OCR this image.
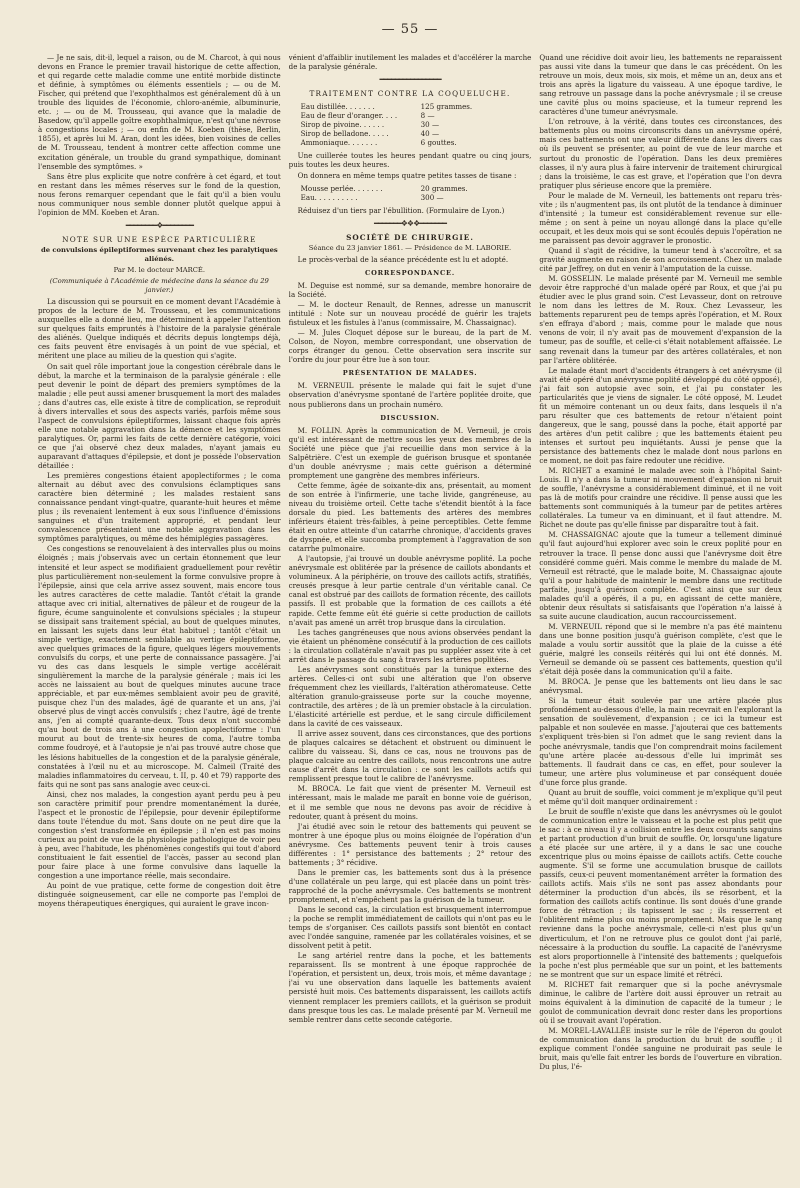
— 55 —

— Je ne sais, dit-il, lequel a raison, ou de M. Charcot, à qui nous devons en France le premier travail historique de cette affection, et qui regarde cette maladie comme une entité morbide distincte et définie, à symptômes ou éléments essentiels ; — ou de M. Fischer, qui prétend que l'exophthalmos est généralement dû à un trouble des liquides de l'économie, chloro-anémie, albuminurie, etc. ; — ou de M. Trousseau, qui avance que la maladie de Basedow, qu'il appelle goître exophthalmique, n'est qu'une névrose à congestions locales ; — ou enfin de M. Koeben (thèse, Berlin, 1855), et après lui M. Aran, dont les idées, bien voisines de celles de M. Trousseau, tendent à montrer cette affection comme une excitation générale, un trouble du grand sympathique, dominant l'ensemble des symptômes. »

Sans être plus explicite que notre confrère à cet égard, et tout en restant dans les mêmes réserves sur le fond de la question, nous ferons remarquer cependant que le fait qu'il a bien voulu nous communiquer nous semble donner plutôt quelque appui à l'opinion de MM. Koeben et Aran.

━━━━━━━━❖━━━━━━━━
NOTE SUR UNE ESPÈCE PARTICULIÈRE
de convulsions épileptiformes survenant chez les paralytiques aliénés.
Par M. le docteur MARCÉ.
(Communiquée à l'Académie de médecine dans la séance du 29 janvier.)

La discussion qui se poursuit en ce moment devant l'Académie à propos de la lecture de M. Trousseau, et les communications auxquelles elle a donné lieu, me déterminent à appeler l'attention sur quelques faits empruntés à l'histoire de la paralysie générale des aliénés. Quelque indiqués et décrits depuis longtemps déjà, ces faits peuvent être envisagés à un point de vue spécial, et méritent une place au milieu de la question qui s'agite.

On sait quel rôle important joue la congestion cérébrale dans le début, la marche et la terminaison de la paralysie générale : elle peut devenir le point de départ des premiers symptômes de la maladie ; elle peut aussi amener brusquement la mort des malades ; dans d'autres cas, elle existe à titre de complication, se reproduit à divers intervalles et sous des aspects variés, parfois même sous l'aspect de convulsions épileptiformes, laissant chaque fois après elle une notable aggravation dans la démence et les symptômes paralytiques. Or, parmi les faits de cette dernière catégorie, voici ce que j'ai observé chez deux malades, n'ayant jamais eu auparavant d'attaques d'épilepsie, et dont je possède l'observation détaillée :

Les premières congestions étaient apoplectiformes ; le coma alternait au début avec des convulsions éclamptiques sans caractère bien déterminé ; les malades restaient sans connaissance pendant vingt-quatre, quarante-huit heures et même plus ; ils revenaient lentement à eux sous l'influence d'émissions sanguines et d'un traitement approprié, et pendant leur convalescence présentaient une notable aggravation dans les symptômes paralytiques, ou même des hémiplégies passagères.

Ces congestions se renouvelaient à des intervalles plus ou moins éloignés ; mais j'observais avec un certain étonnement que leur intensité et leur aspect se modifiaient graduellement pour revêtir plus particulièrement non-seulement la forme convulsive propre à l'épilepsie, ainsi que cela arrive assez souvent, mais encore tous les autres caractères de cette maladie. Tantôt c'était la grande attaque avec cri initial, alternatives de pâleur et de rougeur de la figure, écume sanguinolente et convulsions spéciales ; la stupeur se dissipait sans traitement spécial, au bout de quelques minutes, en laissant les sujets dans leur état habituel ; tantôt c'était un simple vertige, exactement semblable au vertige épileptiforme, avec quelques grimaces de la figure, quelques légers mouvements convulsifs du corps, et une perte de connaissance passagère. J'ai vu des cas dans lesquels le simple vertige accélérait singulièrement la marche de la paralysie générale ; mais ici les accès ne laissaient au bout de quelques minutes aucune trace appréciable, et par eux-mêmes semblaient avoir peu de gravité, puisque chez l'un des malades, âgé de quarante et un ans, j'ai observé plus de vingt accès convulsifs ; chez l'autre, âgé de trente ans, j'en ai compté quarante-deux. Tous deux n'ont succombé qu'au bout de trois ans à une congestion apoplectiforme : l'un mourut au bout de trente-six heures de coma, l'autre tomba comme foudroyé, et à l'autopsie je n'ai pas trouvé autre chose que les lésions habituelles de la congestion et de la paralysie générale, constatées à l'œil nu et au microscope. M. Calmeil (Traité des maladies inflammatoires du cerveau, t. II, p. 40 et 79) rapporte des faits qui ne sont pas sans analogie avec ceux-ci.

Ainsi, chez nos malades, la congestion ayant perdu peu à peu son caractère primitif pour prendre momentanément la durée, l'aspect et le pronostic de l'épilepsie, pour devenir épileptiforme dans toute l'étendue du mot. Sans doute on ne peut dire que la congestion s'est transformée en épilepsie ; il n'en est pas moins curieux au point de vue de la physiologie pathologique de voir peu à peu, avec l'habitude, les phénomènes congestifs qui tout d'abord constituaient le fait essentiel de l'accès, passer au second plan pour faire place à une forme convulsive dans laquelle la congestion a une importance réelle, mais secondaire.

Au point de vue pratique, cette forme de congestion doit être distinguée soigneusement, car elle ne comporte pas l'emploi de moyens thérapeutiques énergiques, qui auraient le grave incon-

vénient d'affaiblir inutilement les malades et d'accélérer la marche de la paralysie générale.

━━━━━━━━━━━━━━━━
TRAITEMENT CONTRE LA COQUELUCHE.
Eau distillée. . . . . . .	125 grammes.
Eau de fleur d'oranger. . . .	8 —
Sirop de pivoine. . . . . .	30 —
Sirop de belladone. . . . .	40 —
Ammoniaque. . . . . . .	6 gouttes.

Une cuillerée toutes les heures pendant quatre ou cinq jours, puis toutes les deux heures.

On donnera en même temps quatre petites tasses de tisane :

Mousse perlée. . . . . . .	20 grammes.
Eau. . . . . . . . . .	300 —

Réduisez d'un tiers par l'ébullition. (Formulaire de Lyon.)

━━━━━━━❖❖❖━━━━━━━
SOCIÉTÉ DE CHIRURGIE.
Séance du 23 janvier 1861. — Présidence de M. LABORIE.

Le procès-verbal de la séance précédente est lu et adopté.

CORRESPONDANCE.

M. Deguise est nommé, sur sa demande, membre honoraire de la Société.

— M. le docteur Renault, de Rennes, adresse un manuscrit intitulé : Note sur un nouveau procédé de guérir les trajets fistuleux et les fistules à l'anus (commissaire, M. Chassaignac).

— M. Jules Cloquet dépose sur le bureau, de la part de M. Colson, de Noyon, membre correspondant, une observation de corps étranger du genou. Cette observation sera inscrite sur l'ordre du jour pour être lue à son tour.

PRÉSENTATION DE MALADES.

M. VERNEUIL présente le malade qui fait le sujet d'une observation d'anévrysme spontané de l'artère poplitée droite, que nous publierons dans un prochain numéro.

DISCUSSION.

M. FOLLIN. Après la communication de M. Verneuil, je crois qu'il est intéressant de mettre sous les yeux des membres de la Société une pièce que j'ai recueillie dans mon service à la Salpêtrière. C'est un exemple de guérison brusque et spontanée d'un double anévrysme ; mais cette guérison a déterminé promptement une gangrène des membres inférieurs.

Cette femme, âgée de soixante-dix ans, présentait, au moment de son entrée à l'infirmerie, une tache livide, gangréneuse, au niveau du troisième orteil. Cette tache s'étendit bientôt à la face dorsale du pied. Les battements des artères des membres inférieurs étaient très-faibles, à peine perceptibles. Cette femme était en outre atteinte d'un catarrhe chronique, d'accidents graves de dyspnée, et elle succomba promptement à l'aggravation de son catarrhe pulmonaire.

A l'autopsie, j'ai trouvé un double anévrysme poplité. La poche anévrysmale est oblitérée par la présence de caillots abondants et volumineux. A la périphérie, on trouve des caillots actifs, stratifiés, creusés presque à leur partie centrale d'un véritable canal. Ce canal est obstrué par des caillots de formation récente, des caillots passifs. Il est probable que la formation de ces caillots a été rapide. Cette femme eût été guérie si cette production de caillots n'avait pas amené un arrêt trop brusque dans la circulation.

Les taches gangréneuses que nous avions observées pendant la vie étaient un phénomène consécutif à la production de ces caillots : la circulation collatérale n'avait pas pu suppléer assez vite à cet arrêt dans le passage du sang à travers les artères poplitées.

Les anévrysmes sont constitués par la tunique externe des artères. Celles-ci ont subi une altération que l'on observe fréquemment chez les vieillards, l'altération athéromateuse. Cette altération granulo-graisseuse porte sur la couche moyenne, contractile, des artères ; de là un premier obstacle à la circulation. L'élasticité artérielle est perdue, et le sang circule difficilement dans la cavité de ces vaisseaux.

Il arrive assez souvent, dans ces circonstances, que des portions de plaques calcaires se détachent et obstruent ou diminuent le calibre du vaisseau. Si, dans ce cas, nous ne trouvons pas de plaque calcaire au centre des caillots, nous rencontrons une autre cause d'arrêt dans la circulation : ce sont les caillots actifs qui remplissent presque tout le calibre de l'anévrysme.

M. BROCA. Le fait que vient de présenter M. Verneuil est intéressant, mais le malade me paraît en bonne voie de guérison, et il me semble que nous ne devons pas avoir de récidive à redouter, quant à présent du moins.

J'ai étudié avec soin le retour des battements qui peuvent se montrer à une époque plus ou moins éloignée de l'opération d'un anévrysme. Ces battements peuvent tenir à trois causes différentes : 1° persistance des battements ; 2° retour des battements ; 3° récidive.

Dans le premier cas, les battements sont dus à la présence d'une collatérale un peu large, qui est placée dans un point très-rapproché de la poche anévrysmale. Ces battements se montrent promptement, et n'empêchent pas la guérison de la tumeur.

Dans le second cas, la circulation est brusquement interrompue ; la poche se remplit immédiatement de caillots qui n'ont pas eu le temps de s'organiser. Ces caillots passifs sont bientôt en contact avec l'ondée sanguine, ramenée par les collatérales voisines, et se dissolvent petit à petit.

Le sang artériel rentre dans la poche, et les battements reparaissent. Ils se montrent à une époque rapprochée de l'opération, et persistent un, deux, trois mois, et même davantage ; j'ai vu une observation dans laquelle les battements avaient persisté huit mois. Ces battements disparaissent, les caillots actifs viennent remplacer les premiers caillots, et la guérison se produit dans presque tous les cas. Le malade présenté par M. Verneuil me semble rentrer dans cette seconde catégorie.

Quand une récidive doit avoir lieu, les battements ne reparaissent pas aussi vite dans la tumeur que dans le cas précédent. On les retrouve un mois, deux mois, six mois, et même un an, deux ans et trois ans après la ligature du vaisseau. A une époque tardive, le sang retrouve un passage dans la poche anévrysmale ; il se creuse une cavité plus ou moins spacieuse, et la tumeur reprend les caractères d'une tumeur anévrysmale.

L'on retrouve, à la vérité, dans toutes ces circonstances, des battements plus ou moins circonscrits dans un anévrysme opéré, mais ces battements ont une valeur différente dans les divers cas où ils peuvent se présenter, au point de vue de leur marche et surtout du pronostic de l'opération. Dans les deux premières classes, il n'y aura plus à faire intervenir de traitement chirurgical ; dans la troisième, le cas est grave, et l'opération que l'on devra pratiquer plus sérieuse encore que la première.

Pour le malade de M. Verneuil, les battements ont reparu très-vite ; ils n'augmentent pas, ils ont plutôt de la tendance à diminuer d'intensité ; la tumeur est considérablement revenue sur elle-même ; on sent à peine un noyau allongé dans la place qu'elle occupait, et les deux mois qui se sont écoulés depuis l'opération ne me paraissent pas devoir aggraver le pronostic.

Quand il s'agit de récidive, la tumeur tend à s'accroître, et sa gravité augmente en raison de son accroissement. Chez un malade cité par Jeffrey, on dut en venir à l'amputation de la cuisse.

M. GOSSELIN. Le malade présenté par M. Verneuil me semble devoir être rapproché d'un malade opéré par Roux, et que j'ai pu étudier avec le plus grand soin. C'est Levasseur, dont on retrouve le nom dans les lettres de M. Roux. Chez Levasseur, les battements reparurent peu de temps après l'opération, et M. Roux s'en effraya d'abord ; mais, comme pour le malade que nous venons de voir, il n'y avait pas de mouvement d'expansion de la tumeur, pas de souffle, et celle-ci s'était notablement affaissée. Le sang revenait dans la tumeur par des artères collatérales, et non par l'artère oblitérée.

Le malade étant mort d'accidents étrangers à cet anévrysme (il avait été opéré d'un anévrysme poplité développé du côté opposé), j'ai fait son autopsie avec soin, et j'ai pu constater les particularités que je viens de signaler. Le côté opposé, M. Leudet fit un mémoire contenant un ou deux faits, dans lesquels il n'a paru résulter que ces battements de retour n'étaient point dangereux, que le sang, poussé dans la poche, était apporté par des artères d'un petit calibre ; que les battements étaient peu intenses et surtout peu inquiétants. Aussi je pense que la persistance des battements chez le malade dont nous parlons en ce moment, ne doit pas faire redouter une récidive.

M. RICHET a examiné le malade avec soin à l'hôpital Saint-Louis. Il n'y a dans la tumeur ni mouvement d'expansion ni bruit de souffle, l'anévrysme a considérablement diminué, et il ne voit pas là de motifs pour craindre une récidive. Il pense aussi que les battements sont communiqués à la tumeur par de petites artères collatérales. La tumeur va en diminuant, et il faut attendre. M. Richet ne doute pas qu'elle finisse par disparaître tout à fait.

M. CHASSAIGNAC ajoute que la tumeur a tellement diminué qu'il faut aujourd'hui explorer avec soin le creux poplité pour en retrouver la trace. Il pense donc aussi que l'anévrysme doit être considéré comme guéri. Mais comme le membre du malade de M. Verneuil est rétracté, que le malade boite, M. Chassaignac ajoute qu'il a pour habitude de maintenir le membre dans une rectitude parfaite, jusqu'à guérison complète. C'est ainsi que sur deux malades qu'il a opérés, il a pu, en agissant de cette manière, obtenir deux résultats si satisfaisants que l'opération n'a laissé à sa suite aucune claudication, aucun raccourcissement.

M. VERNEUIL répond que si le membre n'a pas été maintenu dans une bonne position jusqu'à guérison complète, c'est que le malade a voulu sortir aussitôt que la plaie de la cuisse a été guérie, malgré les conseils réitérés qui lui ont été donnés. M. Verneuil se demande où se passent ces battements, question qu'il s'était déjà posée dans la communication qu'il a faite.

M. BROCA. Je pense que les battements ont lieu dans le sac anévrysmal.

Si la tumeur était soulevée par une artère placée plus profondément au-dessous d'elle, la main recevrait en l'explorant la sensation de soulèvement, d'expansion ; ce ici la tumeur est palpable et non soulevée en masse. J'ajouterai que ces battements s'expliquent très-bien si l'on admet que le sang revient dans la poche anévrysmale, tandis que l'on comprendrait moins facilement qu'une artère placée au-dessous d'elle lui imprimât ses battements. Il faudrait dans ce cas, en effet, pour soulever la tumeur, une artère plus volumineuse et par conséquent douée d'une force plus grande.

Quant au bruit de souffle, voici comment je m'explique qu'il peut et même qu'il doit manquer ordinairement :

Le bruit de souffle n'existe que dans les anévrysmes où le goulot de communication entre le vaisseau et la poche est plus petit que le sac : à ce niveau il y a collision entre les deux courants sanguins et partant production d'un bruit de souffle. Or, lorsqu'une ligature a été placée sur une artère, il y a dans le sac une couche excentrique plus ou moins épaisse de caillots actifs. Cette couche augmente. S'il se forme une accumulation brusque de caillots passifs, ceux-ci peuvent momentanément arrêter la formation des caillots actifs. Mais s'ils ne sont pas assez abondants pour déterminer la production d'un abcès, ils se résorbent, et la formation des caillots actifs continue. Ils sont doués d'une grande force de rétraction ; ils tapissent le sac ; ils resserrent et l'oblitèrent même plus ou moins promptement. Mais que le sang revienne dans la poche anévrysmale, celle-ci n'est plus qu'un diverticulum, et l'on ne retrouve plus ce goulot dont j'ai parlé, nécessaire à la production du souffle. La capacité de l'anévrysme est alors proportionnelle à l'intensité des battements ; quelquefois la poche n'est plus perméable que sur un point, et les battements ne se montrent que sur un espace limité et rétréci.

M. RICHET fait remarquer que si la poche anévrysmale diminue, le calibre de l'artère doit aussi éprouver un retrait au moins équivalent à la diminution de capacité de la tumeur ; le goulot de communication devrait donc rester dans les proportions où il se trouvait avant l'opération.

M. MOREL-LAVALLÉE insiste sur le rôle de l'éperon du goulot de communication dans la production du bruit de souffle ; il explique comment l'ondée sanguine ne produirait pas seule le bruit, mais qu'elle fait entrer les bords de l'ouverture en vibration. Du plus, l'é-
